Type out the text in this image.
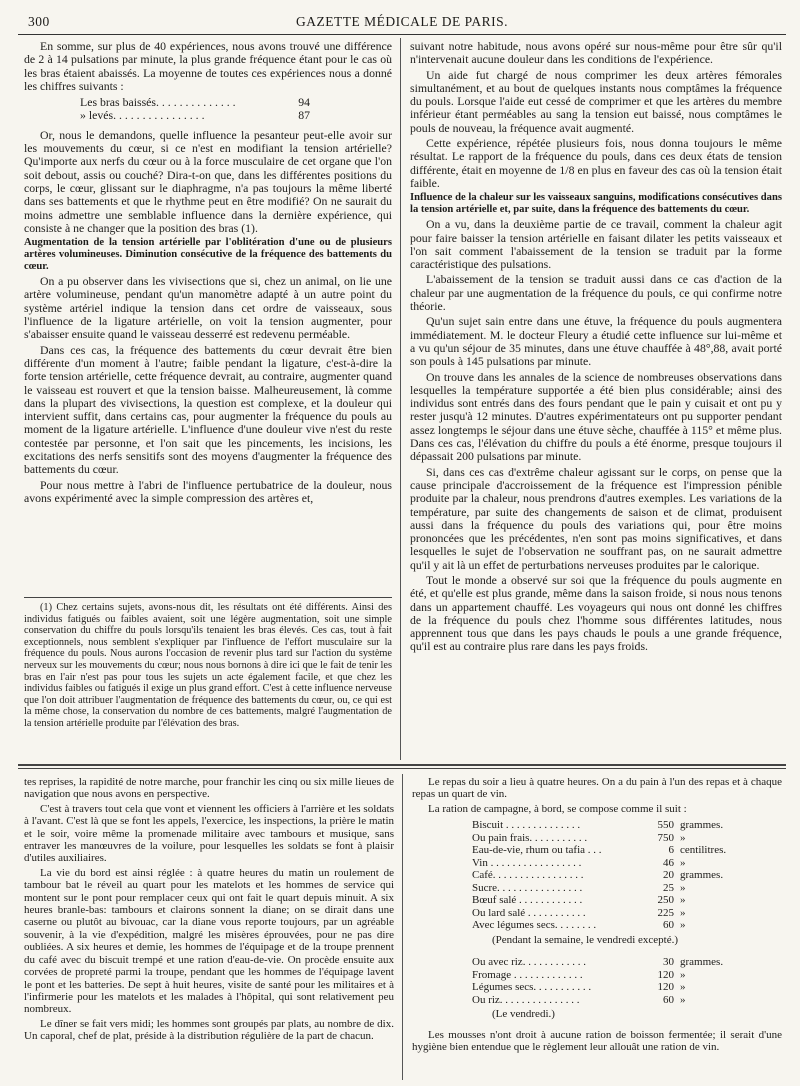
300	GAZETTE MÉDICALE DE PARIS.

En somme, sur plus de 40 expériences, nous avons trouvé une différence de 2 à 14 pulsations par minute, la plus grande fréquence étant pour le cas où les bras étaient abaissés. La moyenne de toutes ces expériences nous a donné les chiffres suivants :

Les bras baissés. . . . . . . . . . . . . .	94
» levés. . . . . . . . . . . . . . . .	87

Or, nous le demandons, quelle influence la pesanteur peut-elle avoir sur les mouvements du cœur, si ce n'est en modifiant la tension artérielle? Qu'importe aux nerfs du cœur ou à la force musculaire de cet organe que l'on soit debout, assis ou couché? Dira-t-on que, dans les différentes positions du corps, le cœur, glissant sur le diaphragme, n'a pas toujours la même liberté dans ses battements et que le rhythme peut en être modifié? On ne saurait du moins admettre une semblable influence dans la dernière expérience, qui consiste à ne changer que la position des bras (1).

Augmentation de la tension artérielle par l'oblitération d'une ou de plusieurs artères volumineuses. Diminution consécutive de la fréquence des battements du cœur.

On a pu observer dans les vivisections que si, chez un animal, on lie une artère volumineuse, pendant qu'un manomètre adapté à un autre point du système artériel indique la tension dans cet ordre de vaisseaux, sous l'influence de la ligature artérielle, on voit la tension augmenter, pour s'abaisser ensuite quand le vaisseau desserré est redevenu perméable.

Dans ces cas, la fréquence des battements du cœur devrait être bien différente d'un moment à l'autre; faible pendant la ligature, c'est-à-dire la forte tension artérielle, cette fréquence devrait, au contraire, augmenter quand le vaisseau est rouvert et que la tension baisse. Malheureusement, là comme dans la plupart des vivisections, la question est complexe, et la douleur qui intervient suffit, dans certains cas, pour augmenter la fréquence du pouls au moment de la ligature artérielle. L'influence d'une douleur vive n'est du reste contestée par personne, et l'on sait que les pincements, les incisions, les excitations des nerfs sensitifs sont des moyens d'augmenter la fréquence des battements du cœur.

Pour nous mettre à l'abri de l'influence pertubatrice de la douleur, nous avons expérimenté avec la simple compression des artères et,

(1) Chez certains sujets, avons-nous dit, les résultats ont été différents. Ainsi des individus fatigués ou faibles avaient, soit une légère augmentation, soit une simple conservation du chiffre du pouls lorsqu'ils tenaient les bras élevés. Ces cas, tout à fait exceptionnels, nous semblent s'expliquer par l'influence de l'effort musculaire sur la fréquence du pouls. Nous aurons l'occasion de revenir plus tard sur l'action du système nerveux sur les mouvements du cœur; nous nous bornons à dire ici que le fait de tenir les bras en l'air n'est pas pour tous les sujets un acte également facile, et que chez les individus faibles ou fatigués il exige un plus grand effort. C'est à cette influence nerveuse que l'on doit attribuer l'augmentation de fréquence des battements du cœur, ou, ce qui est la même chose, la conservation du nombre de ces battements, malgré l'augmentation de la tension artérielle produite par l'élévation des bras.

suivant notre habitude, nous avons opéré sur nous-même pour être sûr qu'il n'intervenait aucune douleur dans les conditions de l'expérience.

Un aide fut chargé de nous comprimer les deux artères fémorales simultanément, et au bout de quelques instants nous comptâmes la fréquence du pouls. Lorsque l'aide eut cessé de comprimer et que les artères du membre inférieur étant perméables au sang la tension eut baissé, nous comptâmes le pouls de nouveau, la fréquence avait augmenté.

Cette expérience, répétée plusieurs fois, nous donna toujours le même résultat. Le rapport de la fréquence du pouls, dans ces deux états de tension différente, était en moyenne de 1/8 en plus en faveur des cas où la tension était faible.

Influence de la chaleur sur les vaisseaux sanguins, modifications consécutives dans la tension artérielle et, par suite, dans la fréquence des battements du cœur.

On a vu, dans la deuxième partie de ce travail, comment la chaleur agit pour faire baisser la tension artérielle en faisant dilater les petits vaisseaux et l'on sait comment l'abaissement de la tension se traduit par la forme caractéristique des pulsations.

L'abaissement de la tension se traduit aussi dans ce cas d'action de la chaleur par une augmentation de la fréquence du pouls, ce qui confirme notre théorie.

Qu'un sujet sain entre dans une étuve, la fréquence du pouls augmentera immédiatement. M. le docteur Fleury a étudié cette influence sur lui-même et a vu qu'un séjour de 35 minutes, dans une étuve chauffée à 48°,88, avait porté son pouls à 145 pulsations par minute.

On trouve dans les annales de la science de nombreuses observations dans lesquelles la température supportée a été bien plus considérable; ainsi des individus sont entrés dans des fours pendant que le pain y cuisait et ont pu y rester jusqu'à 12 minutes. D'autres expérimentateurs ont pu supporter pendant assez longtemps le séjour dans une étuve sèche, chauffée à 115° et même plus. Dans ces cas, l'élévation du chiffre du pouls a été énorme, presque toujours il dépassait 200 pulsations par minute.

Si, dans ces cas d'extrême chaleur agissant sur le corps, on pense que la cause principale d'accroissement de la fréquence est l'impression pénible produite par la chaleur, nous prendrons d'autres exemples. Les variations de la température, par suite des changements de saison et de climat, produisent aussi dans la fréquence du pouls des variations qui, pour être moins prononcées que les précédentes, n'en sont pas moins significatives, et dans lesquelles le sujet de l'observation ne souffrant pas, on ne saurait admettre qu'il y ait là un effet de perturbations nerveuses produites par le calorique.

Tout le monde a observé sur soi que la fréquence du pouls augmente en été, et qu'elle est plus grande, même dans la saison froide, si nous nous tenons dans un appartement chauffé. Les voyageurs qui nous ont donné les chiffres de la fréquence du pouls chez l'homme sous différentes latitudes, nous apprennent tous que dans les pays chauds le pouls a une grande fréquence, qu'il est au contraire plus rare dans les pays froids.

tes reprises, la rapidité de notre marche, pour franchir les cinq ou six mille lieues de navigation que nous avons en perspective.

C'est à travers tout cela que vont et viennent les officiers à l'arrière et les soldats à l'avant. C'est là que se font les appels, l'exercice, les inspections, la prière le matin et le soir, voire même la promenade militaire avec tambours et musique, sans entraver les manœuvres de la voilure, pour lesquelles les soldats se font à plaisir d'utiles auxiliaires.

La vie du bord est ainsi réglée : à quatre heures du matin un roulement de tambour bat le réveil au quart pour les matelots et les hommes de service qui montent sur le pont pour remplacer ceux qui ont fait le quart depuis minuit. A six heures branle-bas: tambours et clairons sonnent la diane; on se dirait dans une caserne ou plutôt au bivouac, car la diane vous reporte toujours, par un agréable souvenir, à la vie d'expédition, malgré les misères éprouvées, pour ne pas dire oubliées. A six heures et demie, les hommes de l'équipage et de la troupe prennent du café avec du biscuit trempé et une ration d'eau-de-vie. On procède ensuite aux corvées de propreté parmi la troupe, pendant que les hommes de l'équipage lavent le pont et les batteries. De sept à huit heures, visite de santé pour les militaires et à l'infirmerie pour les matelots et les malades à l'hôpital, qui sont relativement peu nombreux.

Le dîner se fait vers midi; les hommes sont groupés par plats, au nombre de dix. Un caporal, chef de plat, préside à la distribution régulière de la part de chacun.

Le repas du soir a lieu à quatre heures. On a du pain à l'un des repas et à chaque repas un quart de vin.

La ration de campagne, à bord, se compose comme il suit :

Biscuit . . . . . . . . . . . . . .	550 grammes.
Ou pain frais. . . . . . . . . . .	750 »
Eau-de-vie, rhum ou tafia . . .	6 centilitres.
Vin . . . . . . . . . . . . . . . . .	46 »
Café. . . . . . . . . . . . . . . . .	20 grammes.
Sucre. . . . . . . . . . . . . . . .	25 »
Bœuf salé . . . . . . . . . . . .	250 »
Ou lard salé . . . . . . . . . . .	225 »
Avec légumes secs. . . . . . . .	60 »
(Pendant la semaine, le vendredi excepté.)
Ou avec riz. . . . . . . . . . . .	30 grammes.
Fromage . . . . . . . . . . . . .	120 »
Légumes secs. . . . . . . . . . .	120 »
Ou riz. . . . . . . . . . . . . . .	60 »
(Le vendredi.)

Les mousses n'ont droit à aucune ration de boisson fermentée; il serait d'une hygiène bien entendue que le règlement leur allouât une ration de vin.
